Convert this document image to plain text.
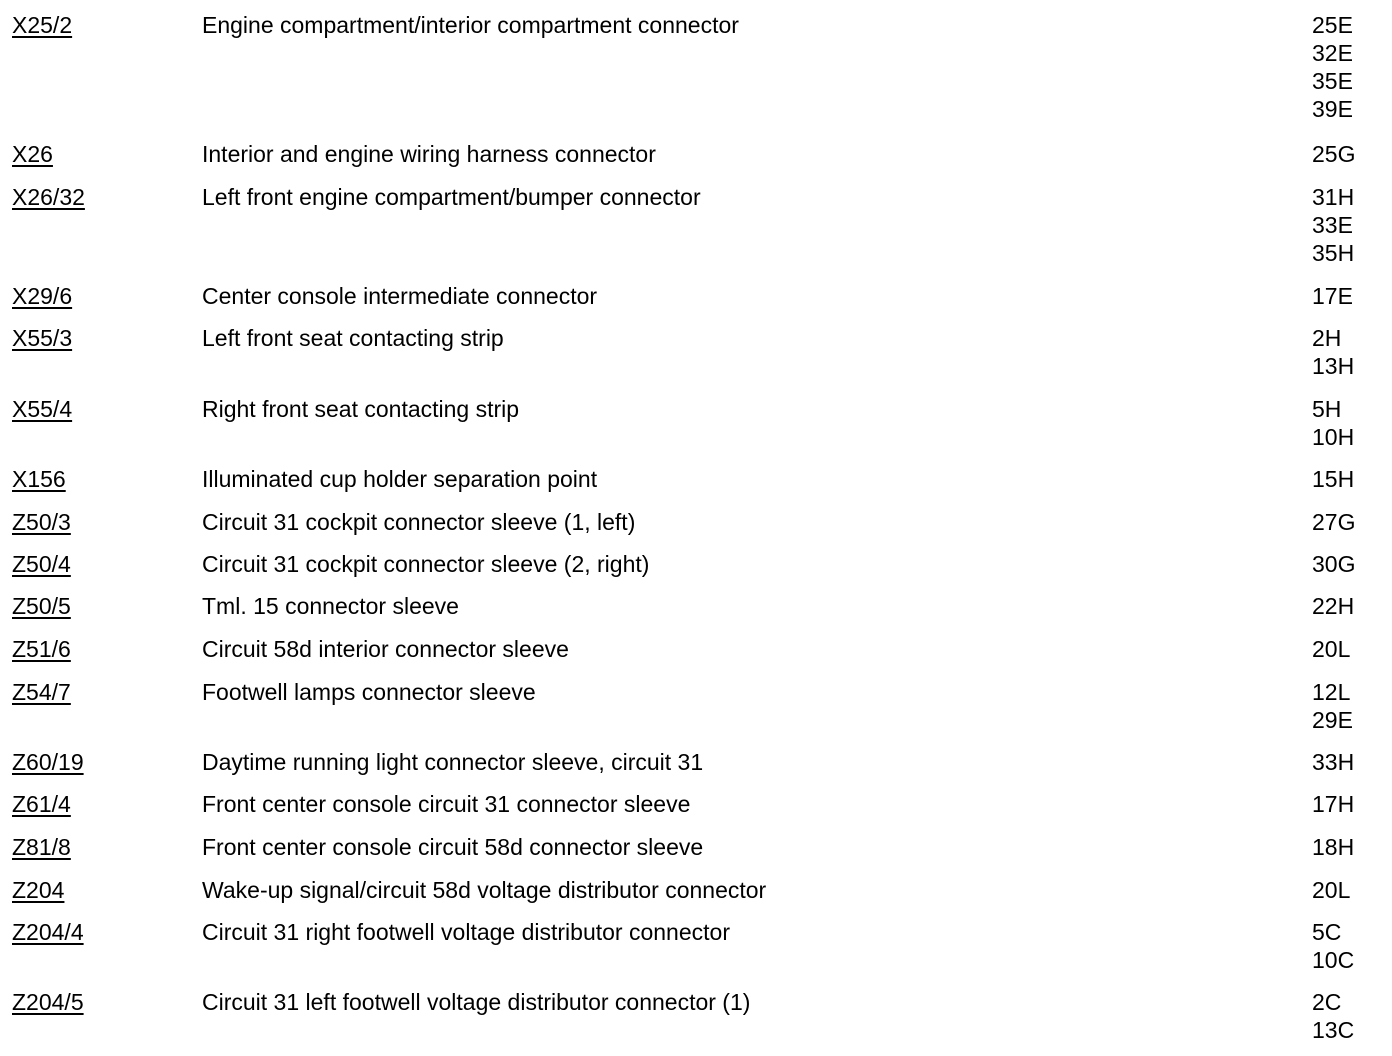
X25/2	Engine compartment/interior compartment connector	25E
32E
35E
39E
X26	Interior and engine wiring harness connector	25G
X26/32	Left front engine compartment/bumper connector	31H
33E
35H
X29/6	Center console intermediate connector	17E
X55/3	Left front seat contacting strip	2H
13H
X55/4	Right front seat contacting strip	5H
10H
X156	Illuminated cup holder separation point	15H
Z50/3	Circuit 31 cockpit connector sleeve (1, left)	27G
Z50/4	Circuit 31 cockpit connector sleeve (2, right)	30G
Z50/5	Tml. 15 connector sleeve	22H
Z51/6	Circuit 58d interior connector sleeve	20L
Z54/7	Footwell lamps connector sleeve	12L
29E
Z60/19	Daytime running light connector sleeve, circuit 31	33H
Z61/4	Front center console circuit 31 connector sleeve	17H
Z81/8	Front center console circuit 58d connector sleeve	18H
Z204	Wake-up signal/circuit 58d voltage distributor connector	20L
Z204/4	Circuit 31 right footwell voltage distributor connector	5C
10C
Z204/5	Circuit 31 left footwell voltage distributor connector (1)	2C
13C
